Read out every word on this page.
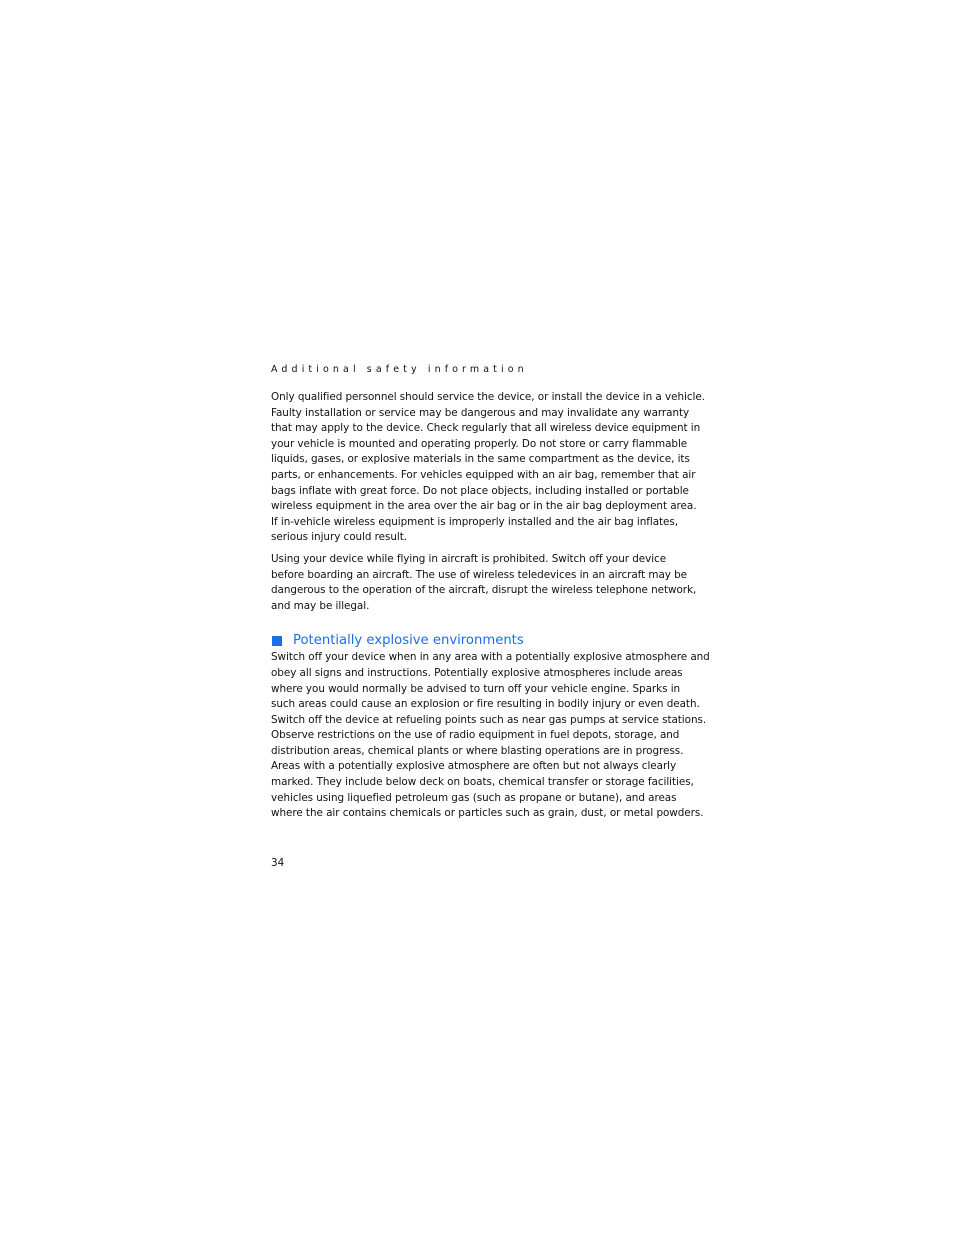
Additional safety information

Only qualified personnel should service the device, or install the device in a vehicle.
Faulty installation or service may be dangerous and may invalidate any warranty
that may apply to the device. Check regularly that all wireless device equipment in
your vehicle is mounted and operating properly. Do not store or carry flammable
liquids, gases, or explosive materials in the same compartment as the device, its
parts, or enhancements. For vehicles equipped with an air bag, remember that air
bags inflate with great force. Do not place objects, including installed or portable
wireless equipment in the area over the air bag or in the air bag deployment area.
If in-vehicle wireless equipment is improperly installed and the air bag inflates,
serious injury could result.

Using your device while flying in aircraft is prohibited. Switch off your device
before boarding an aircraft. The use of wireless teledevices in an aircraft may be
dangerous to the operation of the aircraft, disrupt the wireless telephone network,
and may be illegal.

Potentially explosive environments

Switch off your device when in any area with a potentially explosive atmosphere and
obey all signs and instructions. Potentially explosive atmospheres include areas
where you would normally be advised to turn off your vehicle engine. Sparks in
such areas could cause an explosion or fire resulting in bodily injury or even death.
Switch off the device at refueling points such as near gas pumps at service stations.
Observe restrictions on the use of radio equipment in fuel depots, storage, and
distribution areas, chemical plants or where blasting operations are in progress.
Areas with a potentially explosive atmosphere are often but not always clearly
marked. They include below deck on boats, chemical transfer or storage facilities,
vehicles using liquefied petroleum gas (such as propane or butane), and areas
where the air contains chemicals or particles such as grain, dust, or metal powders.

34
